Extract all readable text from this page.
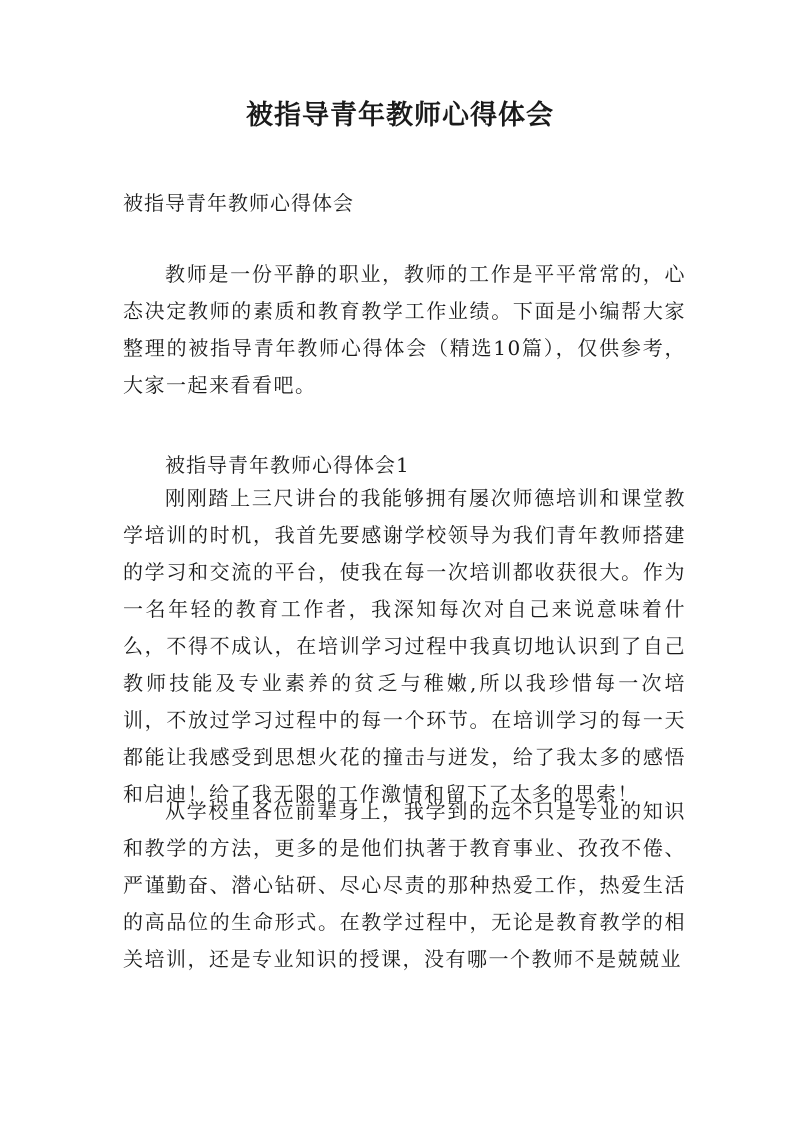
被指导青年教师心得体会
被指导青年教师心得体会

教师是一份平静的职业，教师的工作是平平常常的，心态决定教师的素质和教育教学工作业绩。下面是小编帮大家整理的被指导青年教师心得体会（精选10篇），仅供参考，大家一起来看看吧。

被指导青年教师心得体会1

刚刚踏上三尺讲台的我能够拥有屡次师德培训和课堂教学培训的时机，我首先要感谢学校领导为我们青年教师搭建的学习和交流的平台，使我在每一次培训都收获很大。作为一名年轻的教育工作者，我深知每次对自己来说意味着什么，不得不成认，在培训学习过程中我真切地认识到了自己教师技能及专业素养的贫乏与稚嫩,所以我珍惜每一次培训，不放过学习过程中的每一个环节。在培训学习的每一天都能让我感受到思想火花的撞击与迸发，给了我太多的感悟和启迪！给了我无限的工作激情和留下了太多的思索！

从学校里各位前辈身上，我学到的远不只是专业的知识和教学的方法，更多的是他们执著于教育事业、孜孜不倦、严谨勤奋、潜心钻研、尽心尽责的那种热爱工作，热爱生活的高品位的生命形式。在教学过程中，无论是教育教学的相关培训，还是专业知识的授课，没有哪一个教师不是兢兢业
